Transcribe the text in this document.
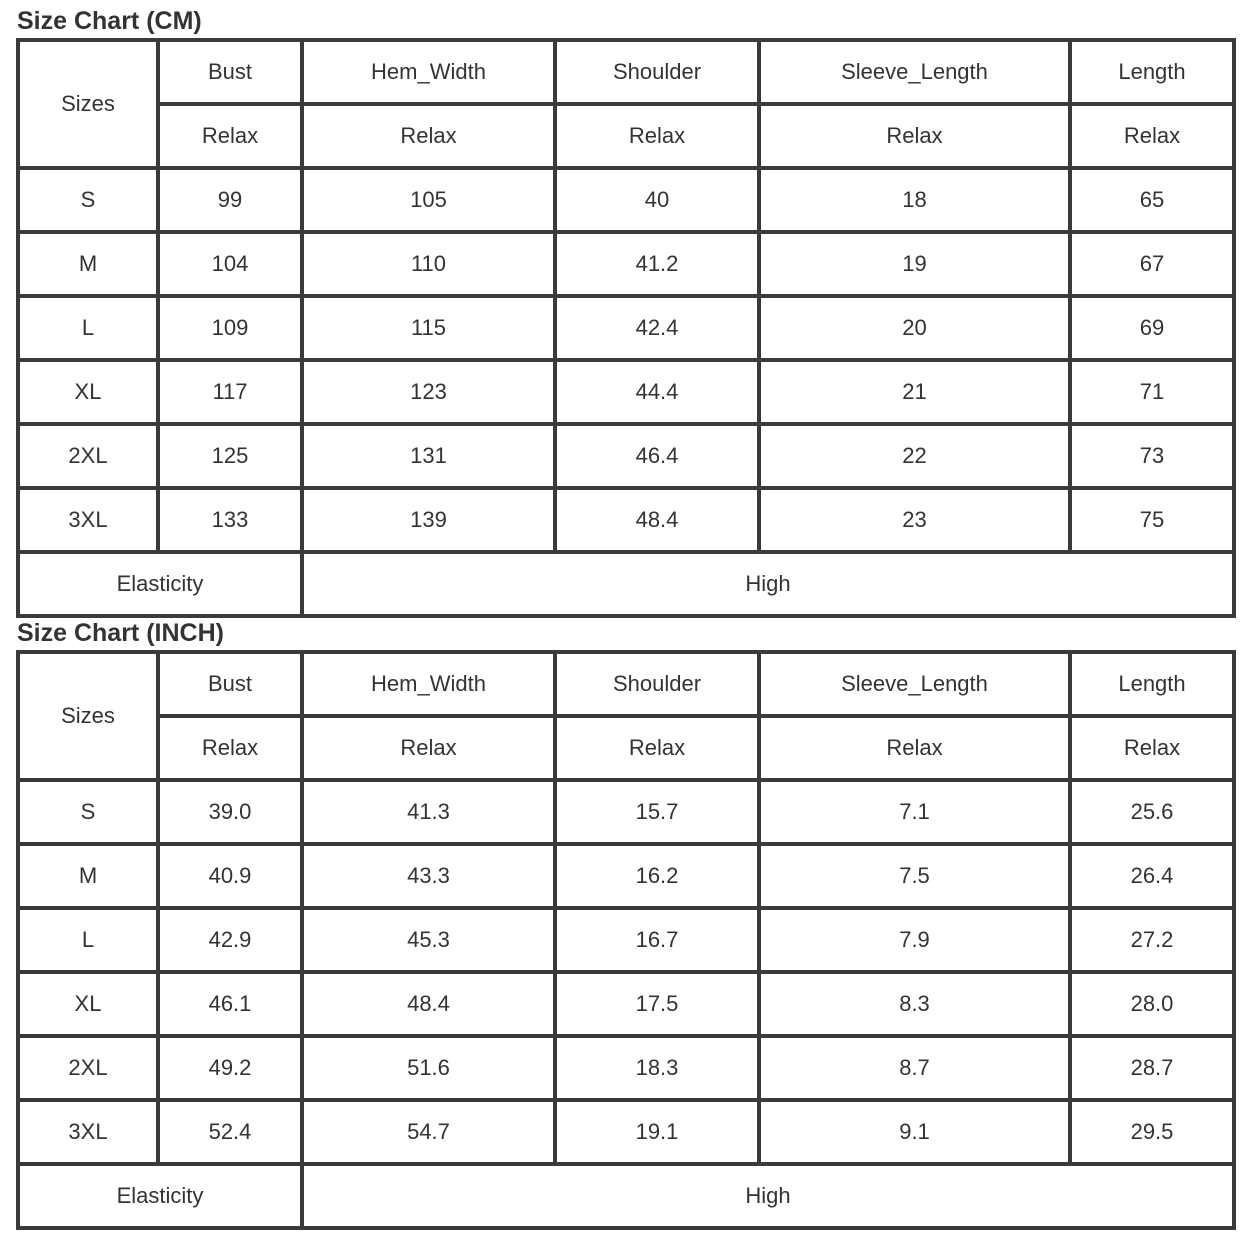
Size Chart (CM)
Sizes	Bust	Hem_Width	Shoulder	Sleeve_Length	Length
	Relax	Relax	Relax	Relax	Relax
S	99	105	40	18	65
M	104	110	41.2	19	67
L	109	115	42.4	20	69
XL	117	123	44.4	21	71
2XL	125	131	46.4	22	73
3XL	133	139	48.4	23	75
Elasticity		High			
Size Chart (INCH)
Sizes	Bust	Hem_Width	Shoulder	Sleeve_Length	Length
	Relax	Relax	Relax	Relax	Relax
S	39.0	41.3	15.7	7.1	25.6
M	40.9	43.3	16.2	7.5	26.4
L	42.9	45.3	16.7	7.9	27.2
XL	46.1	48.4	17.5	8.3	28.0
2XL	49.2	51.6	18.3	8.7	28.7
3XL	52.4	54.7	19.1	9.1	29.5
Elasticity		High			
